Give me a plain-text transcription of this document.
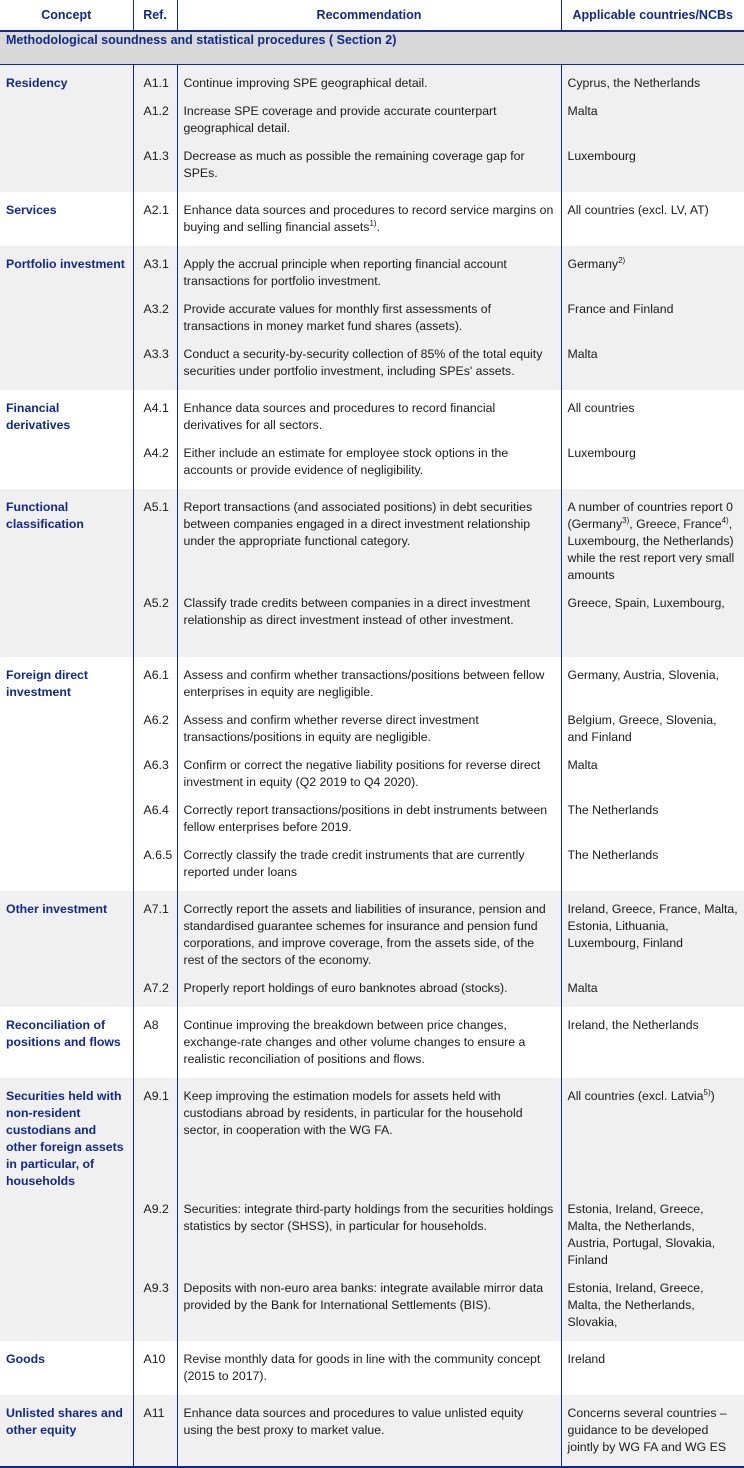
Concept	Ref.	Recommendation	Applicable countries/NCBs
Methodological soundness and statistical procedures ( Section 2)			
Residency	A1.1	Continue improving SPE geographical detail.	Cyprus, the Netherlands
	A1.2	Increase SPE coverage and provide accurate counterpart geographical detail.	Malta
	A1.3	Decrease as much as possible the remaining coverage gap for SPEs.	Luxembourg
Services	A2.1	Enhance data sources and procedures to record service margins on buying and selling financial assets$^{1)}$.	All countries (excl. LV, AT)
Portfolio investment	A3.1	Apply the accrual principle when reporting financial account transactions for portfolio investment.	Germany$^{2)}$
	A3.2	Provide accurate values for monthly first assessments of transactions in money market fund shares (assets).	France and Finland
	A3.3	Conduct a security-by-security collection of 85% of the total equity securities under portfolio investment, including SPEs' assets.	Malta
Financial derivatives	A4.1	Enhance data sources and procedures to record financial derivatives for all sectors.	All countries
	A4.2	Either include an estimate for employee stock options in the accounts or provide evidence of negligibility.	Luxembourg
Functional classification	A5.1	Report transactions (and associated positions) in debt securities between companies engaged in a direct investment relationship under the appropriate functional category.	A number of countries report 0 (Germany$^{3)}$, Greece, France$^{4)}$, Luxembourg, the Netherlands) while the rest report very small amounts
	A5.2	Classify trade credits between companies in a direct investment relationship as direct investment instead of other investment.	Greece, Spain, Luxembourg,
Foreign direct investment	A6.1	Assess and confirm whether transactions/positions between fellow enterprises in equity are negligible.	Germany, Austria, Slovenia,
	A6.2	Assess and confirm whether reverse direct investment transactions/positions in equity are negligible.	Belgium, Greece, Slovenia, and Finland
	A6.3	Confirm or correct the negative liability positions for reverse direct investment in equity (Q2 2019 to Q4 2020).	Malta
	A6.4	Correctly report transactions/positions in debt instruments between fellow enterprises before 2019.	The Netherlands
	A.6.5	Correctly classify the trade credit instruments that are currently reported under loans	The Netherlands
Other investment	A7.1	Correctly report the assets and liabilities of insurance, pension and standardised guarantee schemes for insurance and pension fund corporations, and improve coverage, from the assets side, of the rest of the sectors of the economy.	Ireland, Greece, France, Malta, Estonia, Lithuania, Luxembourg, Finland
	A7.2	Properly report holdings of euro banknotes abroad (stocks).	Malta
Reconciliation of positions and flows	A8	Continue improving the breakdown between price changes, exchange-rate changes and other volume changes to ensure a realistic reconciliation of positions and flows.	Ireland, the Netherlands
Securities held with non-resident custodians and other foreign assets in particular, of households	A9.1	Keep improving the estimation models for assets held with custodians abroad by residents, in particular for the household sector, in cooperation with the WG FA.	All countries (excl. Latvia$^{5)}$)
	A9.2	Securities: integrate third-party holdings from the securities holdings statistics by sector (SHSS), in particular for households.	Estonia, Ireland, Greece, Malta, the Netherlands, Austria, Portugal, Slovakia, Finland
	A9.3	Deposits with non-euro area banks: integrate available mirror data provided by the Bank for International Settlements (BIS).	Estonia, Ireland, Greece, Malta, the Netherlands, Slovakia,
Goods	A10	Revise monthly data for goods in line with the community concept (2015 to 2017).	Ireland
Unlisted shares and other equity	A11	Enhance data sources and procedures to value unlisted equity using the best proxy to market value.	Concerns several countries – guidance to be developed jointly by WG FA and WG ES
